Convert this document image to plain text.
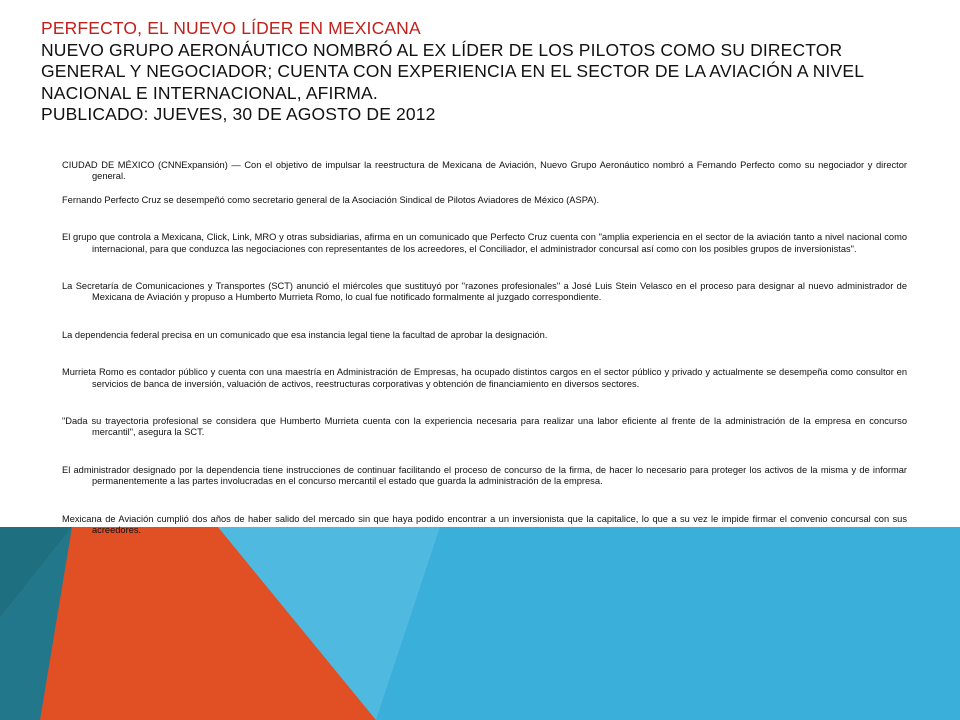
PERFECTO, EL NUEVO LÍDER EN MEXICANA
NUEVO GRUPO AERONÁUTICO NOMBRÓ AL EX LÍDER DE LOS PILOTOS COMO SU DIRECTOR GENERAL Y NEGOCIADOR; CUENTA CON EXPERIENCIA EN EL SECTOR DE LA AVIACIÓN A NIVEL NACIONAL E INTERNACIONAL, AFIRMA.
PUBLICADO: JUEVES, 30 DE AGOSTO DE 2012

CIUDAD DE MÉXICO (CNNExpansión) — Con el objetivo de impulsar la reestructura de Mexicana de Aviación, Nuevo Grupo Aeronáutico nombró a Fernando Perfecto como su negociador y director general.

Fernando Perfecto Cruz se desempeñó como secretario general de la Asociación Sindical de Pilotos Aviadores de México (ASPA).

El grupo que controla a Mexicana, Click, Link, MRO y otras subsidiarias, afirma en un comunicado que Perfecto Cruz cuenta con "amplia experiencia en el sector de la aviación tanto a nivel nacional como internacional, para que conduzca las negociaciones con representantes de los acreedores, el Conciliador, el administrador concursal así como con los posibles grupos de inversionistas".

La Secretaría de Comunicaciones y Transportes (SCT) anunció el miércoles que sustituyó por "razones profesionales" a José Luis Stein Velasco en el proceso para designar al nuevo administrador de Mexicana de Aviación y propuso a Humberto Murrieta Romo, lo cual fue notificado formalmente al juzgado correspondiente.

La dependencia federal precisa en un comunicado que esa instancia legal tiene la facultad de aprobar la designación.

Murrieta Romo es contador público y cuenta con una maestría en Administración de Empresas, ha ocupado distintos cargos en el sector público y privado y actualmente se desempeña como consultor en servicios de banca de inversión, valuación de activos, reestructuras corporativas y obtención de financiamiento en diversos sectores.

"Dada su trayectoria profesional se considera que Humberto Murrieta cuenta con la experiencia necesaria para realizar una labor eficiente al frente de la administración de la empresa en concurso mercantil", asegura la SCT.

El administrador designado por la dependencia tiene instrucciones de continuar facilitando el proceso de concurso de la firma, de hacer lo necesario para proteger los activos de la misma y de informar permanentemente a las partes involucradas en el concurso mercantil el estado que guarda la administración de la empresa.

Mexicana de Aviación cumplió dos años de haber salido del mercado sin que haya podido encontrar a un inversionista que la capitalice, lo que a su vez le impide firmar el convenio concursal con sus acreedores.
